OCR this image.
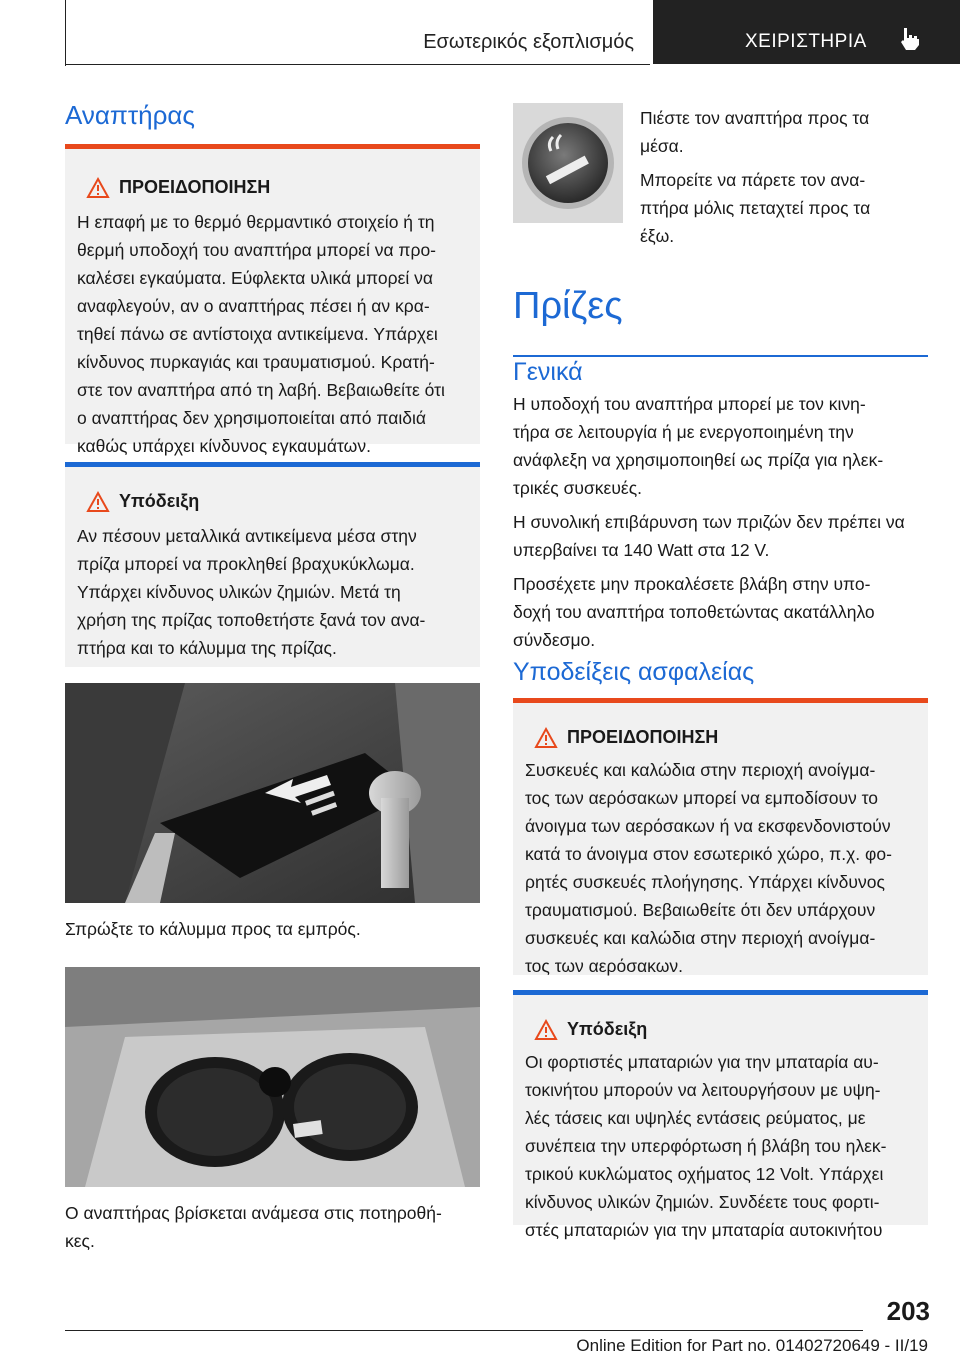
Εσωτερικός εξοπλισμός	ΧΕΙΡΙΣΤΗΡΙΑ
Αναπτήρας
ΠΡΟΕΙΔΟΠΟΙΗΣΗ

Η επαφή με το θερμό θερμαντικό στοιχείο ή τη
θερμή υποδοχή του αναπτήρα μπορεί να προ-
καλέσει εγκαύματα. Εύφλεκτα υλικά μπορεί να
αναφλεγούν, αν ο αναπτήρας πέσει ή αν κρα-
τηθεί πάνω σε αντίστοιχα αντικείμενα. Υπάρχει
κίνδυνος πυρκαγιάς και τραυματισμού. Κρατή-
στε τον αναπτήρα από τη λαβή. Βεβαιωθείτε ότι
ο αναπτήρας δεν χρησιμοποιείται από παιδιά
καθώς υπάρχει κίνδυνος εγκαυμάτων.

Υπόδειξη

Αν πέσουν μεταλλικά αντικείμενα μέσα στην
πρίζα μπορεί να προκληθεί βραχυκύκλωμα.
Υπάρχει κίνδυνος υλικών ζημιών. Μετά τη
χρήση της πρίζας τοποθετήστε ξανά τον ανα-
πτήρα και το κάλυμμα της πρίζας.

Σπρώξτε το κάλυμμα προς τα εμπρός.

Ο αναπτήρας βρίσκεται ανάμεσα στις ποτηροθή-
κες.

Πιέστε τον αναπτήρα προς τα
μέσα.

Μπορείτε να πάρετε τον ανα-
πτήρα μόλις πεταχτεί προς τα
έξω.

Πρίζες
Γενικά

Η υποδοχή του αναπτήρα μπορεί με τον κινη-
τήρα σε λειτουργία ή με ενεργοποιημένη την
ανάφλεξη να χρησιμοποιηθεί ως πρίζα για ηλεκ-
τρικές συσκευές.

Η συνολική επιβάρυνση των πριζών δεν πρέπει να
υπερβαίνει τα 140 Watt στα 12 V.

Προσέχετε μην προκαλέσετε βλάβη στην υπο-
δοχή του αναπτήρα τοποθετώντας ακατάλληλο
σύνδεσμο.

Υποδείξεις ασφαλείας
ΠΡΟΕΙΔΟΠΟΙΗΣΗ

Συσκευές και καλώδια στην περιοχή ανοίγμα-
τος των αερόσακων μπορεί να εμποδίσουν το
άνοιγμα των αερόσακων ή να εκσφενδονιστούν
κατά το άνοιγμα στον εσωτερικό χώρο, π.χ. φο-
ρητές συσκευές πλοήγησης. Υπάρχει κίνδυνος
τραυματισμού. Βεβαιωθείτε ότι δεν υπάρχουν
συσκευές και καλώδια στην περιοχή ανοίγμα-
τος των αερόσακων.

Υπόδειξη

Οι φορτιστές μπαταριών για την μπαταρία αυ-
τοκινήτου μπορούν να λειτουργήσουν με υψη-
λές τάσεις και υψηλές εντάσεις ρεύματος, με
συνέπεια την υπερφόρτωση ή βλάβη του ηλεκ-
τρικού κυκλώματος οχήματος 12 Volt. Υπάρχει
κίνδυνος υλικών ζημιών. Συνδέετε τους φορτι-
στές μπαταριών για την μπαταρία αυτοκινήτου

203
Online Edition for Part no. 01402720649 - II/19
